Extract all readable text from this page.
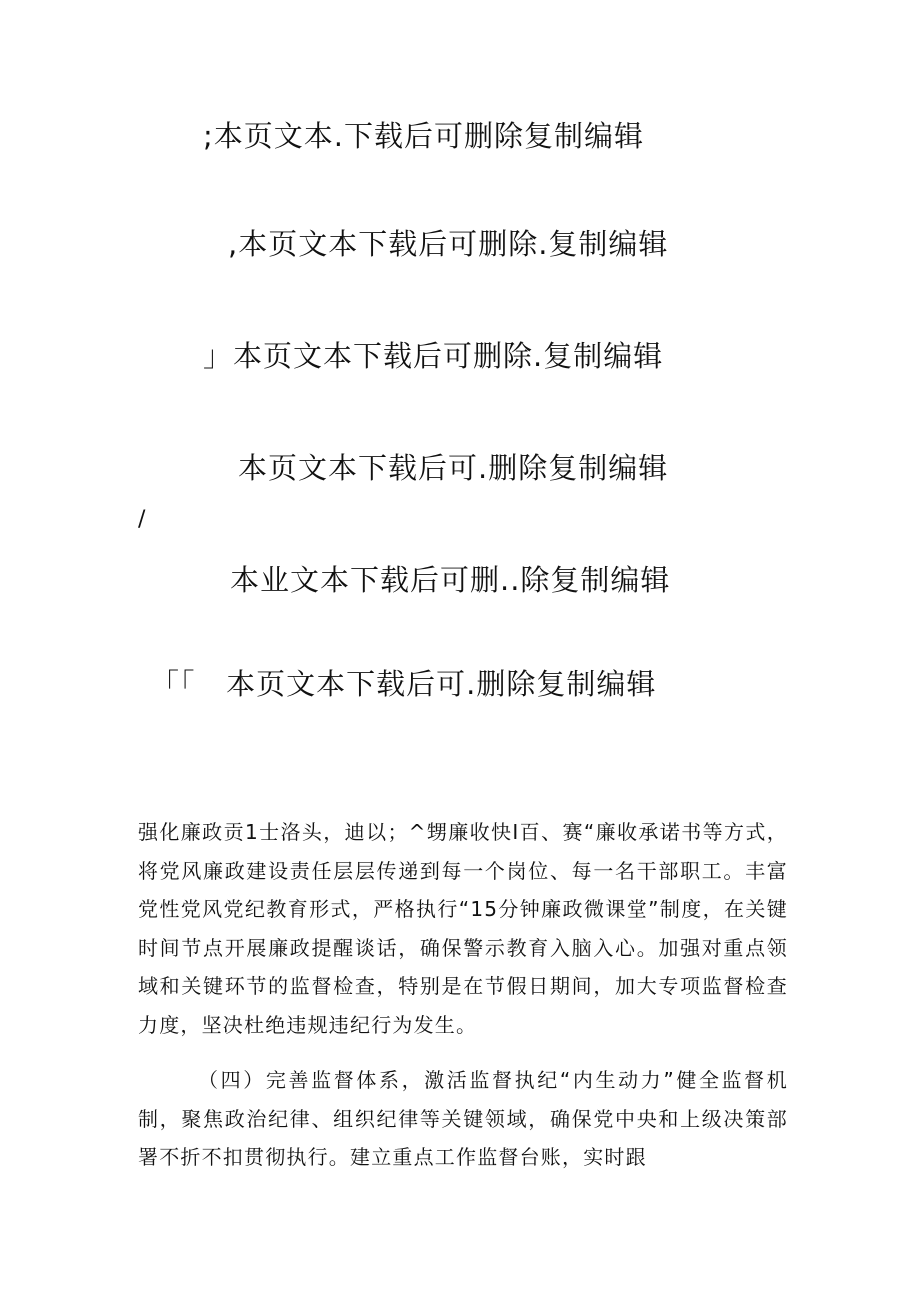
;本页文本.下载后可删除复制编辑
,本页文本下载后可删除.复制编辑
」本页文本下载后可删除.复制编辑
本页文本下载后可.删除复制编辑
/
本业文本下载后可删..除复制编辑
「「   本页文本下载后可.删除复制编辑

强化廉政贡1士洛头，迪以；^甥廉收快I百、赛“廉收承诺书等方式，将党风廉政建设责任层层传递到每一个岗位、每一名干部职工。丰富党性党风党纪教育形式，严格执行“15分钟廉政微课堂”制度，在关键时间节点开展廉政提醒谈话，确保警示教育入脑入心。加强对重点领域和关键环节的监督检查，特别是在节假日期间，加大专项监督检查力度，坚决杜绝违规违纪行为发生。

（四）完善监督体系，激活监督执纪“内生动力”健全监督机制，聚焦政治纪律、组织纪律等关键领域，确保党中央和上级决策部署不折不扣贯彻执行。建立重点工作监督台账，实时跟
